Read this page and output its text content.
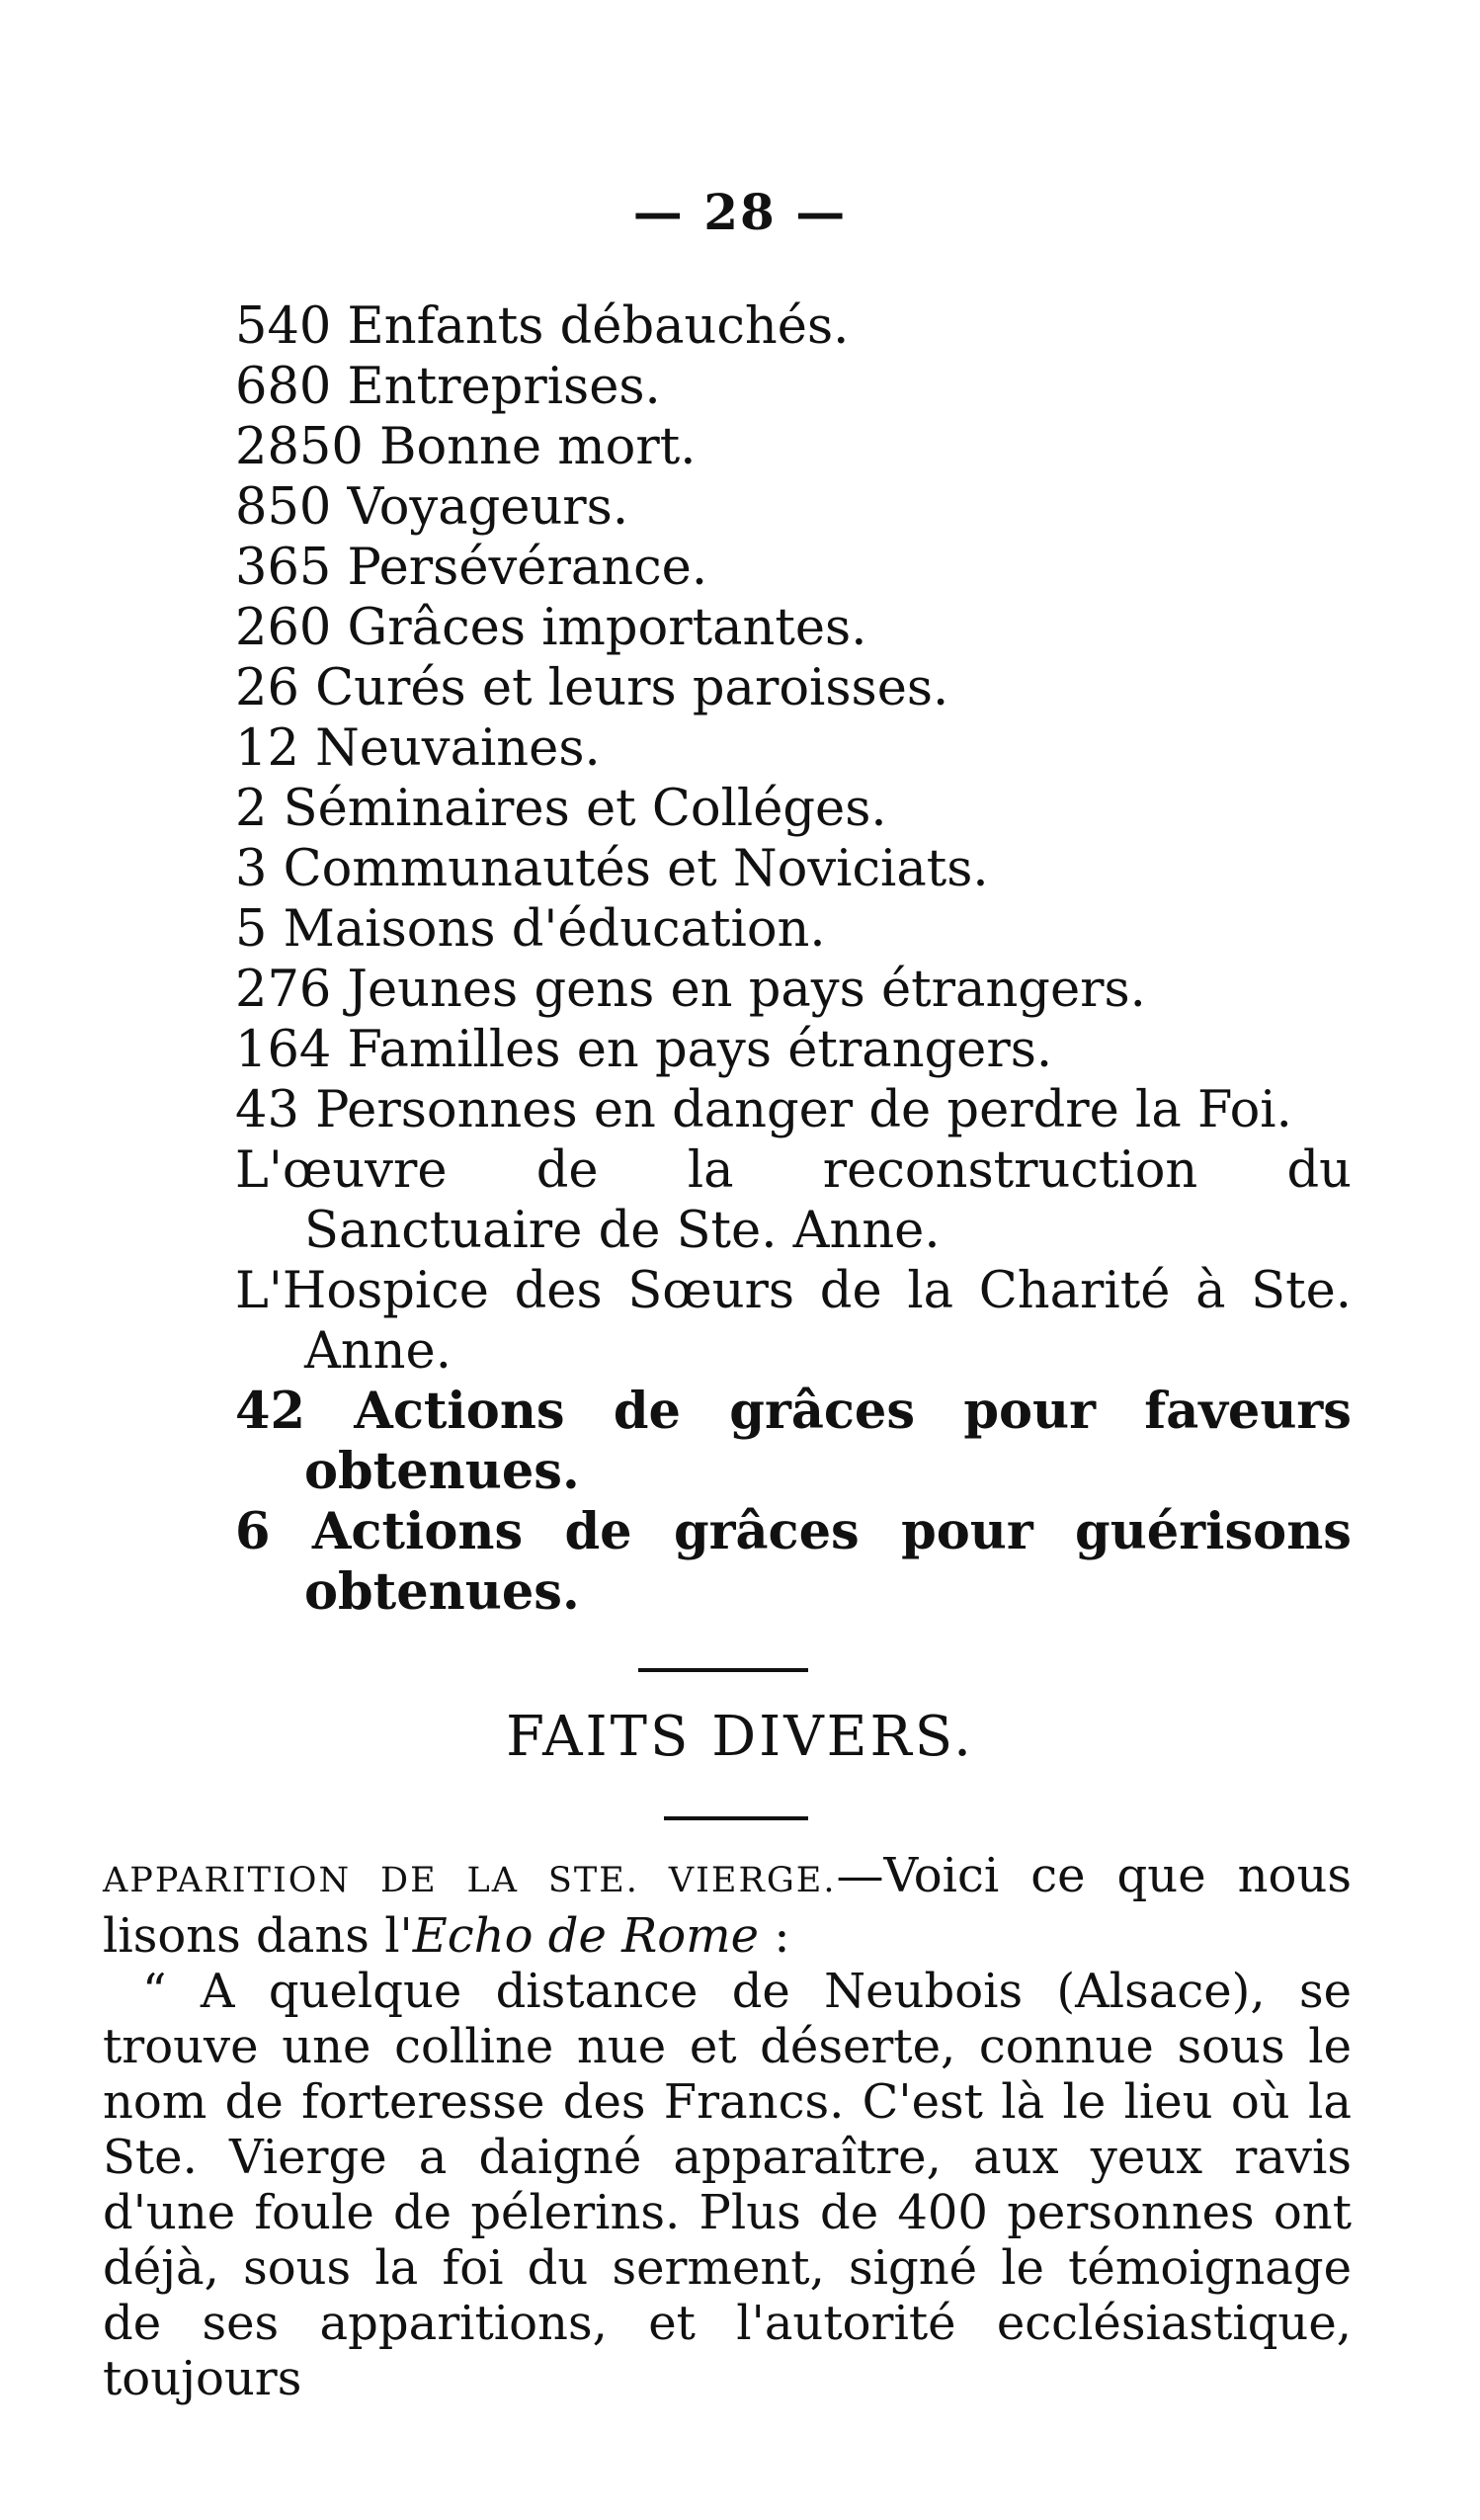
— 28 —
540 Enfants débauchés.
680 Entreprises.
2850 Bonne mort.
850 Voyageurs.
365 Persévérance.
260 Grâces importantes.
26 Curés et leurs paroisses.
12 Neuvaines.
2 Séminaires et Colléges.
3 Communautés et Noviciats.
5 Maisons d'éducation.
276 Jeunes gens en pays étrangers.
164 Familles en pays étrangers.
43 Personnes en danger de perdre la Foi.
L'œuvre de la reconstruction du Sanctuaire de Ste. Anne.
L'Hospice des Sœurs de la Charité à Ste. Anne.
42 Actions de grâces pour faveurs obtenues.
6 Actions de grâces pour guérisons obtenues.
FAITS DIVERS.

APPARITION DE LA STE. VIERGE.—Voici ce que nous lisons dans l'Echo de Rome :

“ A quelque distance de Neubois (Alsace), se trouve une colline nue et déserte, connue sous le nom de forteresse des Francs. C'est là le lieu où la Ste. Vierge a daigné apparaître, aux yeux ravis d'une foule de pélerins. Plus de 400 personnes ont déjà, sous la foi du serment, signé le témoignage de ses apparitions, et l'autorité ecclésiastique, toujours
